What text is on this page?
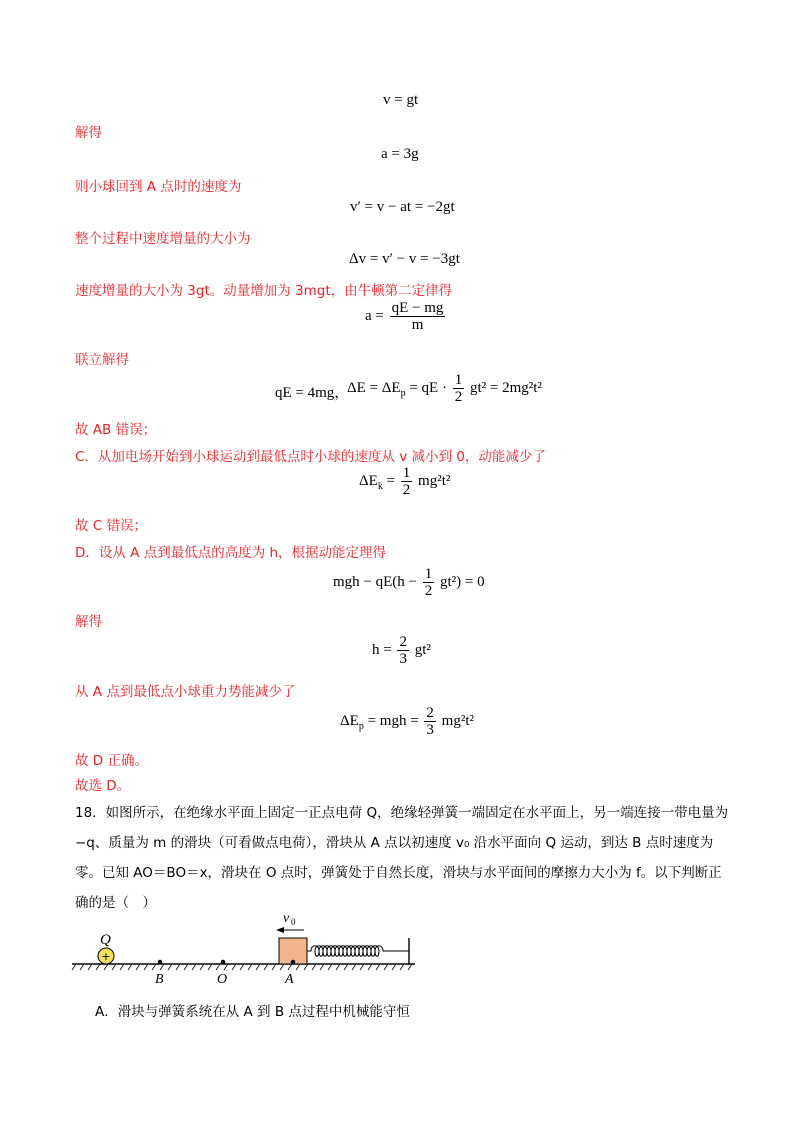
v = gt
解得
a = 3g
则小球回到 A 点时的速度为
v′ = v − at = −2gt
整个过程中速度增量的大小为
Δv = v′ − v = −3gt
速度增量的大小为 3gt。动量增加为 3mgt，由牛顿第二定律得
$a = \frac{qE - mg}{m}$
联立解得
qE = 4mg，
$\Delta E = \Delta E_p$ = qE · $\frac{1}{2} gt^2 = 2mg^2t^2$
故 AB 错误；
C．从加电场开始到小球运动到最低点时小球的速度从 v 减小到 0，动能减少了
$\Delta E_k = \frac{1}{2} mg^2t^2$
故 C 错误；
D．设从 A 点到最低点的高度为 h，根据动能定理得
mgh − $qE(h - \frac{1}{2} gt^2) = 0$
解得
$h = \frac{2}{3} gt^2$
从 A 点到最低点小球重力势能减少了
$\Delta E_p$ = mgh = $\frac{2}{3} mg^2t^2$
故 D 正确。
故选 D。
18．如图所示，在绝缘水平面上固定一正点电荷 Q，绝缘轻弹簧一端固定在水平面上，另一端连接一带电量为−q、质量为 m 的滑块（可看做点电荷），滑块从 A 点以初速度 v₀ 沿水平面向 Q 运动，到达 B 点时速度为零。已知 AO＝BO＝x，滑块在 O 点时，弹簧处于自然长度，滑块与水平面间的摩擦力大小为 f。以下判断正确的是（　）
+
Q
B	O	A
v 0
A．滑块与弹簧系统在从 A 到 B 点过程中机械能守恒
